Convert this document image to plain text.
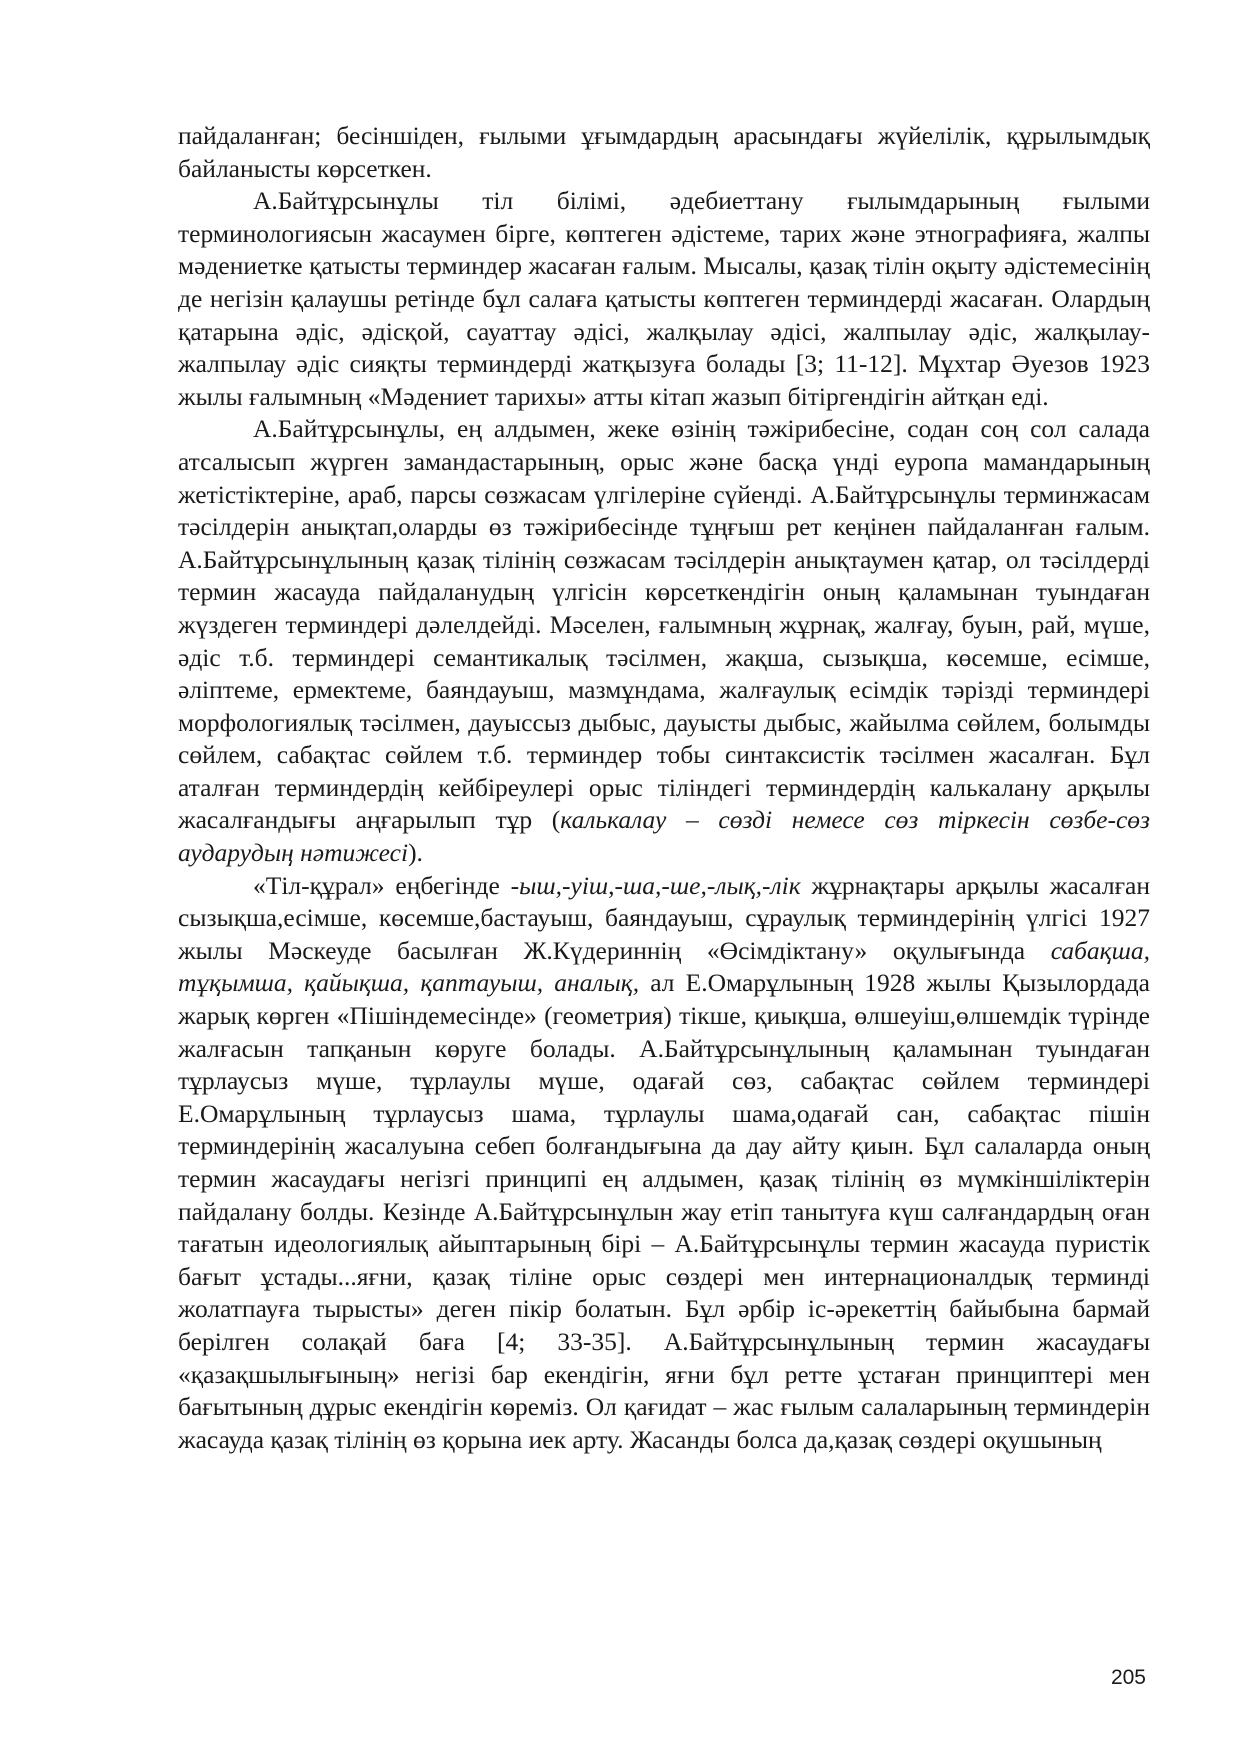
пайдаланған; бесіншіден, ғылыми ұғымдардың арасындағы жүйелілік, құрылымдық байланысты көрсеткен.

А.Байтұрсынұлы тіл білімі, әдебиеттану ғылымдарының ғылыми терминологиясын жасаумен бірге, көптеген әдістеме, тарих және этнографияға, жалпы мәдениетке қатысты терминдер жасаған ғалым. Мысалы, қазақ тілін оқыту әдістемесінің де негізін қалаушы ретінде бұл салаға қатысты көптеген терминдерді жасаған. Олардың қатарына әдіс, әдісқой, сауаттау әдісі, жалқылау әдісі, жалпылау әдіс, жалқылау-жалпылау әдіс сияқты терминдерді жатқызуға болады [3; 11-12]. Мұхтар Әуезов 1923 жылы ғалымның «Мәдениет тарихы» атты кітап жазып бітіргендігін айтқан еді.

А.Байтұрсынұлы, ең алдымен, жеке өзінің тәжірибесіне, содан соң сол салада атсалысып жүрген замандастарының, орыс және басқа үнді еуропа мамандарының жетістіктеріне, араб, парсы сөзжасам үлгілеріне сүйенді. А.Байтұрсынұлы терминжасам тәсілдерін анықтап,оларды өз тәжірибесінде тұңғыш рет кеңінен пайдаланған ғалым. А.Байтұрсынұлының қазақ тілінің сөзжасам тәсілдерін анықтаумен қатар, ол тәсілдерді термин жасауда пайдаланудың үлгісін көрсеткендігін оның қаламынан туындаған жүздеген терминдері дәлелдейді. Мәселен, ғалымның жұрнақ, жалғау, буын, рай, мүше, әдіс т.б. терминдері семантикалық тәсілмен, жақша, сызықша, көсемше, есімше, әліптеме, ермектеме, баяндауыш, мазмұндама, жалғаулық есімдік тәрізді терминдері морфологиялық тәсілмен, дауыссыз дыбыс, дауысты дыбыс, жайылма сөйлем, болымды сөйлем, сабақтас сөйлем т.б. терминдер тобы синтаксистік тәсілмен жасалған. Бұл аталған терминдердің кейбіреулері орыс тіліндегі терминдердің калькалану арқылы жасалғандығы аңғарылып тұр (калькалау – сөзді немесе сөз тіркесін сөзбе-сөз аударудың нәтижесі).

«Тіл-құрал» еңбегінде -ыш,-уіш,-ша,-ше,-лық,-лік жұрнақтары арқылы жасалған сызықша,есімше, көсемше,бастауыш, баяндауыш, сұраулық терминдерінің үлгісі 1927 жылы Мәскеуде басылған Ж.Күдериннің «Өсімдіктану» оқулығында сабақша, тұқымша, қайықша, қаптауыш, аналық, ал Е.Омарұлының 1928 жылы Қызылордада жарық көрген «Пішіндемесінде» (геометрия) тікше, қиықша, өлшеуіш,өлшемдік түрінде жалғасын тапқанын көруге болады. А.Байтұрсынұлының қаламынан туындаған тұрлаусыз мүше, тұрлаулы мүше, одағай сөз, сабақтас сөйлем терминдері Е.Омарұлының тұрлаусыз шама, тұрлаулы шама,одағай сан, сабақтас пішін терминдерінің жасалуына себеп болғандығына да дау айту қиын. Бұл салаларда оның термин жасаудағы негізгі принципі ең алдымен, қазақ тілінің өз мүмкіншіліктерін пайдалану болды. Кезінде А.Байтұрсынұлын жау етіп танытуға күш салғандардың оған тағатын идеологиялық айыптарының бірі – А.Байтұрсынұлы термин жасауда пуристік бағыт ұстады...яғни, қазақ тіліне орыс сөздері мен интернационалдық терминді жолатпауға тырысты» деген пікір болатын. Бұл әрбір іс-әрекеттің байыбына бармай берілген солақай баға [4; 33-35]. А.Байтұрсынұлының термин жасаудағы «қазақшылығының» негізі бар екендігін, яғни бұл ретте ұстаған принциптері мен бағытының дұрыс екендігін көреміз. Ол қағидат – жас ғылым салаларының терминдерін жасауда қазақ тілінің өз қорына иек арту. Жасанды болса да,қазақ сөздері оқушының

205
